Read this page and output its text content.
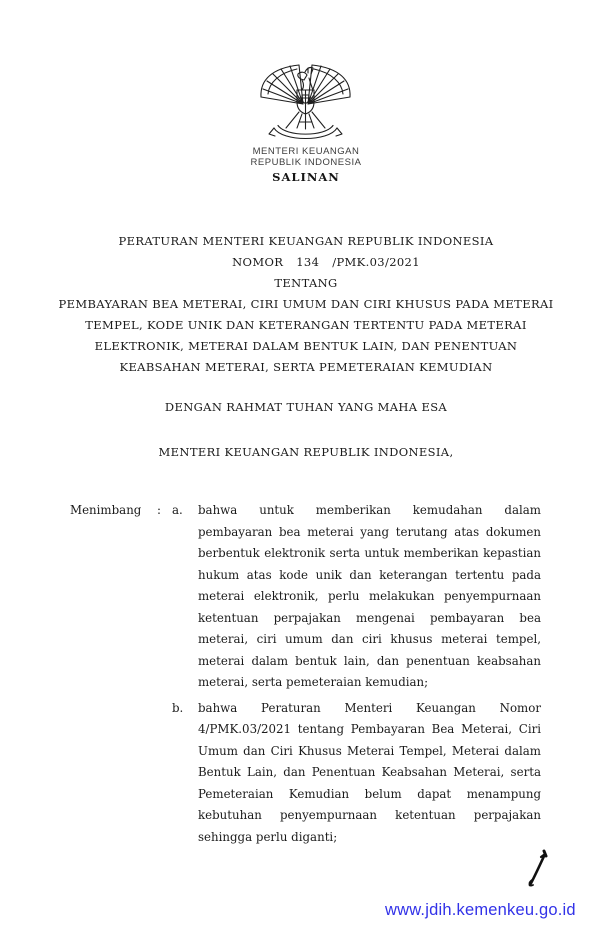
MENTERI KEUANGAN
REPUBLIK INDONESIA
SALINAN
PERATURAN MENTERI KEUANGAN REPUBLIK INDONESIA
NOMOR 134 /PMK.03/2021
TENTANG
PEMBAYARAN BEA METERAI, CIRI UMUM DAN CIRI KHUSUS PADA METERAI
TEMPEL, KODE UNIK DAN KETERANGAN TERTENTU PADA METERAI
ELEKTRONIK, METERAI DALAM BENTUK LAIN, DAN PENENTUAN
KEABSAHAN METERAI, SERTA PEMETERAIAN KEMUDIAN
DENGAN RAHMAT TUHAN YANG MAHA ESA
MENTERI KEUANGAN REPUBLIK INDONESIA,
Menimbang : a.	bahwa untuk memberikan kemudahan dalam
pembayaran bea meterai yang terutang atas dokumen
berbentuk elektronik serta untuk memberikan kepastian
hukum atas kode unik dan keterangan tertentu pada
meterai elektronik, perlu melakukan penyempurnaan
ketentuan perpajakan mengenai pembayaran bea
meterai, ciri umum dan ciri khusus meterai tempel,
meterai dalam bentuk lain, dan penentuan keabsahan
meterai, serta pemeteraian kemudian;
b.	bahwa Peraturan Menteri Keuangan Nomor
4/PMK.03/2021 tentang Pembayaran Bea Meterai, Ciri
Umum dan Ciri Khusus Meterai Tempel, Meterai dalam
Bentuk Lain, dan Penentuan Keabsahan Meterai, serta
Pemeteraian Kemudian belum dapat menampung
kebutuhan penyempurnaan ketentuan perpajakan
sehingga perlu diganti;
www.jdih.kemenkeu.go.id
